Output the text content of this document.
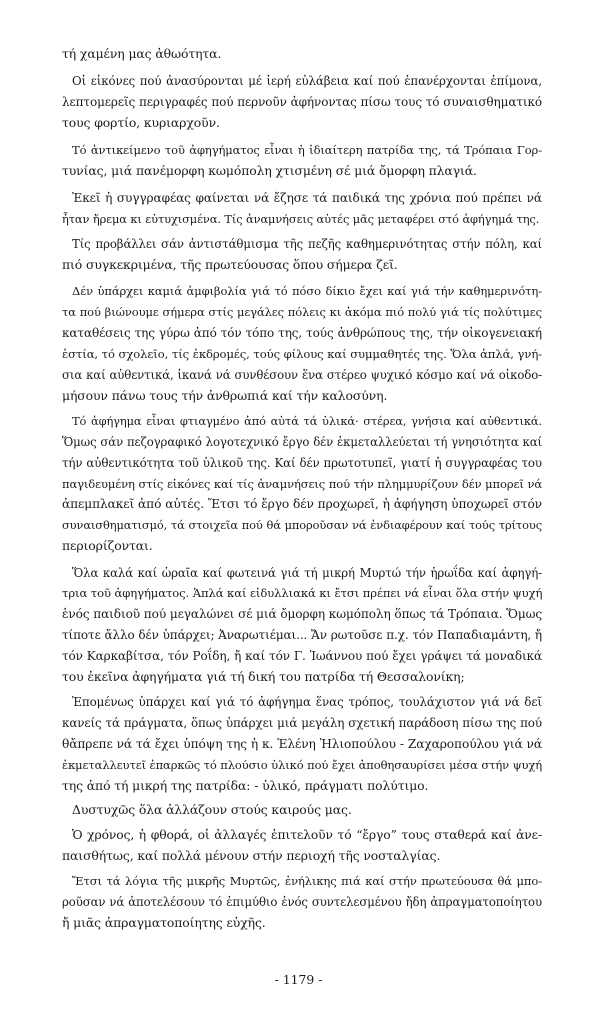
τή χαμένη μας ἀθωότητα.

Οἱ εἰκόνες πού ἀνασύρονται μέ ἱερή εὐλάβεια καί πού ἐπανέρχονται ἐπίμονα,
λεπτομερεῖς περιγραφές πού περνοῦν ἀφήνοντας πίσω τους τό συναισθηματικό
τους φορτίο, κυριαρχοῦν.

Τό ἀντικείμενο τοῦ ἀφηγήματος εἶναι ἡ ἰδιαίτερη πατρίδα της, τά Τρόπαια Γορ-
τυνίας, μιά πανέμορφη κωμόπολη χτισμένη σέ μιά ὄμορφη πλαγιά.

Ἐκεῖ ἡ συγγραφέας φαίνεται νά ἔζησε τά παιδικά της χρόνια πού πρέπει νά
ἦταν ἤρεμα κι εὐτυχισμένα. Τίς ἀναμνήσεις αὐτές μᾶς μεταφέρει στό ἀφήγημά της.

Τίς προβάλλει σάν ἀντιστάθμισμα τῆς πεζῆς καθημερινότητας στήν πόλη, καί
πιό συγκεκριμένα, τῆς πρωτεύουσας ὅπου σήμερα ζεῖ.

Δέν ὑπάρχει καμιά ἀμφιβολία γιά τό πόσο δίκιο ἔχει καί γιά τήν καθημερινότη-
τα πού βιώνουμε σήμερα στίς μεγάλες πόλεις κι ἀκόμα πιό πολύ γιά τίς πολύτιμες
καταθέσεις της γύρω ἀπό τόν τόπο της, τούς ἀνθρώπους της, τήν οἰκογενειακή
ἑστία, τό σχολεῖο, τίς ἐκδρομές, τούς φίλους καί συμμαθητές της. Ὅλα ἁπλά, γνή-
σια καί αὐθεντικά, ἱκανά νά συνθέσουν ἕνα στέρεο ψυχικό κόσμο καί νά οἰκοδο-
μήσουν πάνω τους τήν ἀνθρωπιά καί τήν καλοσύνη.

Τό ἀφήγημα εἶναι φτιαγμένο ἀπό αὐτά τά ὑλικά· στέρεα, γνήσια καί αὐθεντικά.
Ὅμως σάν πεζογραφικό λογοτεχνικό ἔργο δέν ἐκμεταλλεύεται τή γνησιότητα καί
τήν αὐθεντικότητα τοῦ ὑλικοῦ της. Καί δέν πρωτοτυπεῖ, γιατί ἡ συγγραφέας του
παγιδευμένη στίς εἰκόνες καί τίς ἀναμνήσεις πού τήν πλημμυρίζουν δέν μπορεῖ νά
ἀπεμπλακεῖ ἀπό αὐτές. Ἔτσι τό ἔργο δέν προχωρεῖ, ἡ ἀφήγηση ὑποχωρεῖ στόν
συναισθηματισμό, τά στοιχεῖα πού θά μποροῦσαν νά ἐνδιαφέρουν καί τούς τρίτους
περιορίζονται.

Ὅλα καλά καί ὡραῖα καί φωτεινά γιά τή μικρή Μυρτώ τήν ἡρωΐδα καί ἀφηγή-
τρια τοῦ ἀφηγήματος. Ἁπλά καί εἰδυλλιακά κι ἔτσι πρέπει νά εἶναι ὅλα στήν ψυχή
ἑνός παιδιοῦ πού μεγαλώνει σέ μιά ὄμορφη κωμόπολη ὅπως τά Τρόπαια. Ὅμως
τίποτε ἄλλο δέν ὑπάρχει; Ἀναρωτιέμαι... Ἄν ρωτοῦσε π.χ. τόν Παπαδιαμάντη, ἤ
τόν Καρκαβίτσα, τόν Ροΐδη, ἤ καί τόν Γ. Ἰωάννου πού ἔχει γράψει τά μοναδικά
του ἐκεῖνα ἀφηγήματα γιά τή δική του πατρίδα τή Θεσσαλονίκη;

Ἑπομένως ὑπάρχει καί γιά τό ἀφήγημα ἕνας τρόπος, τουλάχιστον γιά νά δεῖ
κανείς τά πράγματα, ὅπως ὑπάρχει μιά μεγάλη σχετική παράδοση πίσω της πού
θἄπρεπε νά τά ἔχει ὑπόψη της ἡ κ. Ἑλένη Ἠλιοπούλου - Ζαχαροπούλου γιά νά
ἐκμεταλλευτεῖ ἐπαρκῶς τό πλούσιο ὑλικό πού ἔχει ἀποθησαυρίσει μέσα στήν ψυχή
της ἀπό τή μικρή της πατρίδα: - ὑλικό, πράγματι πολύτιμο.

Δυστυχῶς ὅλα ἀλλάζουν στούς καιρούς μας.

Ὁ χρόνος, ἡ φθορά, οἱ ἀλλαγές ἐπιτελοῦν τό “ἔργο” τους σταθερά καί ἀνε-
παισθήτως, καί πολλά μένουν στήν περιοχή τῆς νοσταλγίας.

Ἔτσι τά λόγια τῆς μικρῆς Μυρτῶς, ἐνήλικης πιά καί στήν πρωτεύουσα θά μπο-
ροῦσαν νά ἀποτελέσουν τό ἐπιμύθιο ἑνός συντελεσμένου ἤδη ἀπραγματοποίητου
ἤ μιᾶς ἀπραγματοποίητης εὐχῆς.

- 1179 -
